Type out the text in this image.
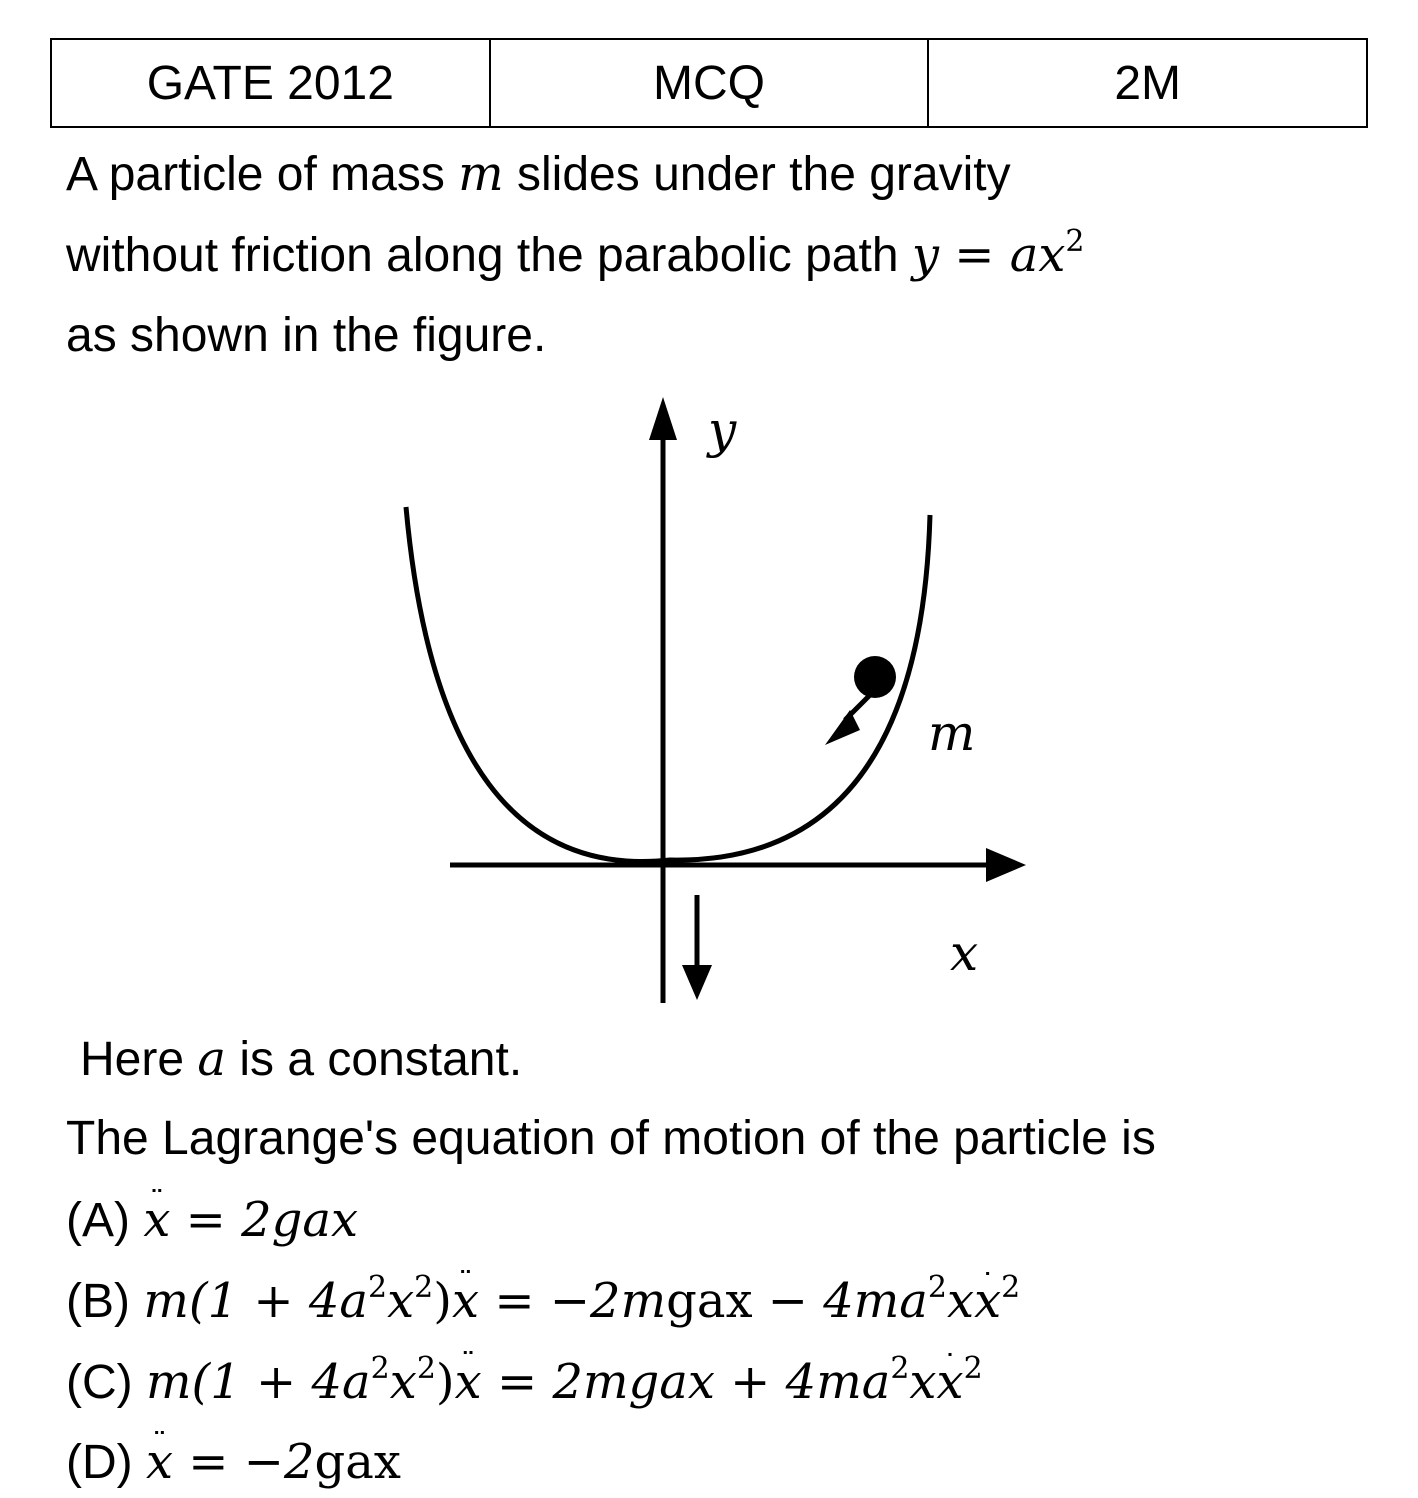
GATE 2012	MCQ	2M
A particle of mass m slides under the gravity
without friction along the parabolic path $y = ax^2$
as shown in the figure.
y
m
x
Here a is a constant.
The Lagrange's equation of motion of the particle is
(A) x ¨ = 2gax
(B) $m(1 + 4a^2x^2)x$ ¨ = −2mgax − $4ma^2xx$ ˙$^2$
(C) $m(1 + 4a^2x^2)x$ ¨ = 2mgax + $4ma^2xx$ ˙$^2$
(D) x ¨ = −2gax
